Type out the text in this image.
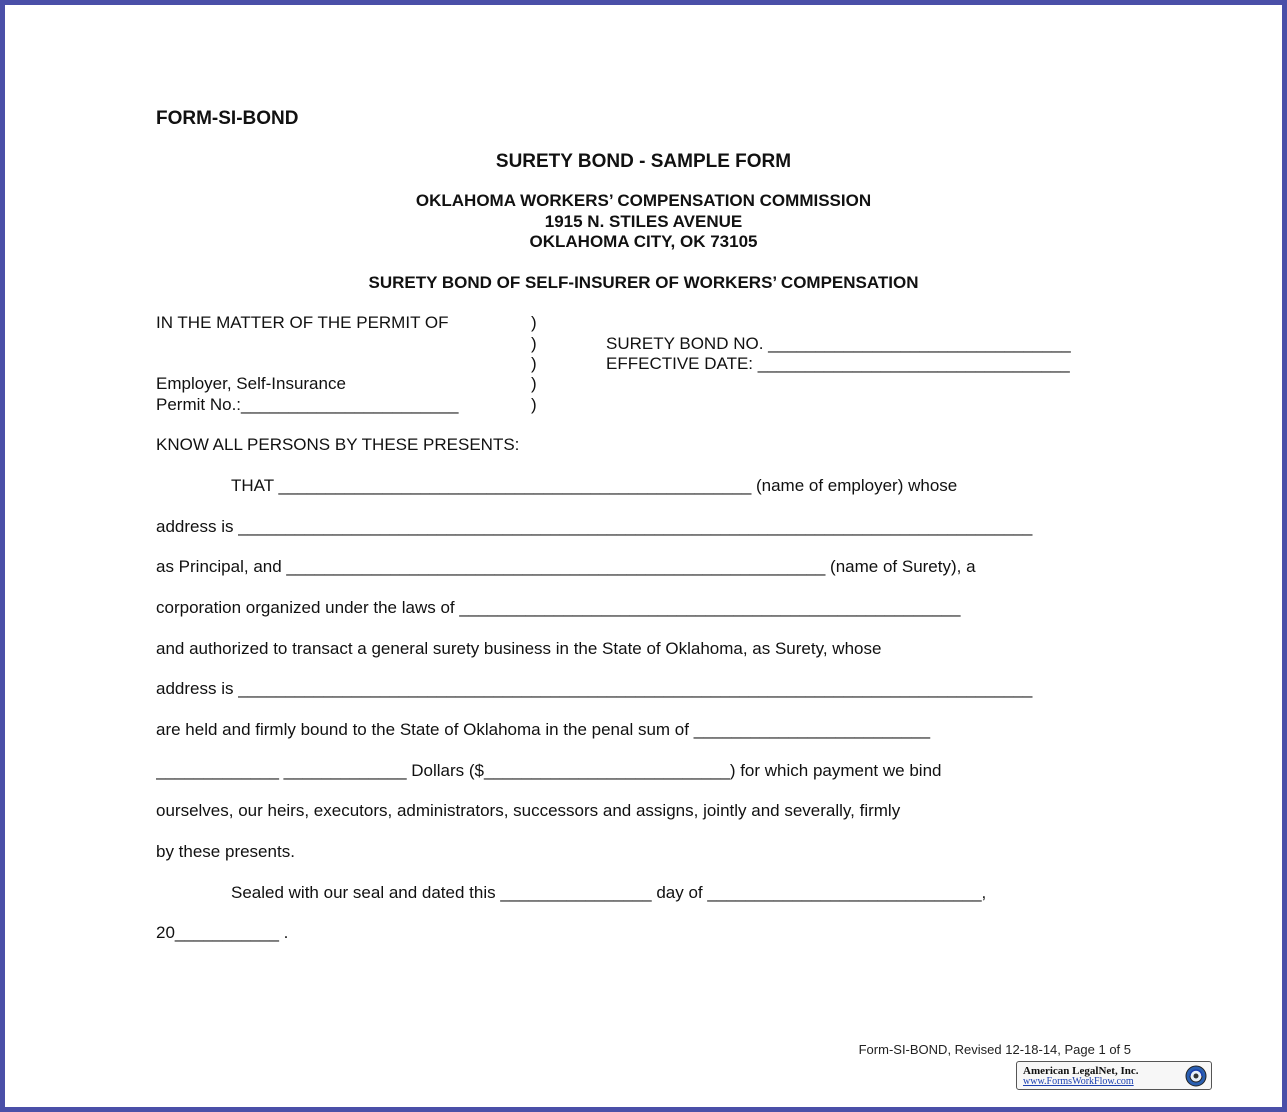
FORM-SI-BOND
SURETY BOND - SAMPLE FORM
OKLAHOMA WORKERS’ COMPENSATION COMMISSION
1915 N. STILES AVENUE
OKLAHOMA CITY, OK 73105
SURETY BOND OF SELF-INSURER OF WORKERS’ COMPENSATION
IN THE MATTER OF THE PERMIT OF	)
)
)
)
)
SURETY BOND NO. ________________________________
EFFECTIVE DATE: _________________________________
Employer, Self-Insurance
Permit No.:_______________________
KNOW ALL PERSONS BY THESE PRESENTS:
THAT __________________________________________________ (name of employer) whose
address is ____________________________________________________________________________________
as Principal, and _________________________________________________________ (name of Surety), a
corporation organized under the laws of _____________________________________________________
and authorized to transact a general surety business in the State of Oklahoma, as Surety, whose
address is ____________________________________________________________________________________
are held and firmly bound to the State of Oklahoma in the penal sum of _________________________
_____________ _____________ Dollars ($__________________________) for which payment we bind
ourselves, our heirs, executors, administrators, successors and assigns, jointly and severally, firmly
by these presents.
Sealed with our seal and dated this ________________ day of _____________________________,
20___________ .
Form-SI-BOND, Revised 12-18-14, Page 1 of 5
American LegalNet, Inc.
www.FormsWorkFlow.com
